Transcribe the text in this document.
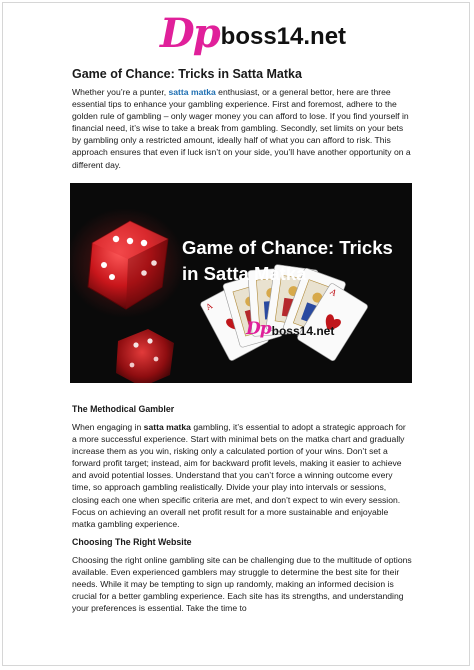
Dp boss14.net
Game of Chance: Tricks in Satta Matka

Whether you’re a punter, satta matka enthusiast, or a general bettor, here are three essential tips to enhance your gambling experience. First and foremost, adhere to the golden rule of gambling – only wager money you can afford to lose. If you find yourself in financial need, it’s wise to take a break from gambling. Secondly, set limits on your bets by gambling only a restricted amount, ideally half of what you can afford to risk. This approach ensures that even if luck isn’t on your side, you’ll have another opportunity on a different day.

A
A
Game of Chance: Tricks in Satta Matka
Dp boss14.net
The Methodical Gambler

When engaging in satta matka gambling, it’s essential to adopt a strategic approach for a more successful experience. Start with minimal bets on the matka chart and gradually increase them as you win, risking only a calculated portion of your wins. Don’t set a forward profit target; instead, aim for backward profit levels, making it easier to achieve and avoid potential losses. Understand that you can’t force a winning outcome every time, so approach gambling realistically. Divide your play into intervals or sessions, closing each one when specific criteria are met, and don’t expect to win every session. Focus on achieving an overall net profit result for a more sustainable and enjoyable matka gambling experience.

Choosing The Right Website

Choosing the right online gambling site can be challenging due to the multitude of options available. Even experienced gamblers may struggle to determine the best site for their needs. While it may be tempting to sign up randomly, making an informed decision is crucial for a better gambling experience. Each site has its strengths, and understanding your preferences is essential. Take the time to
